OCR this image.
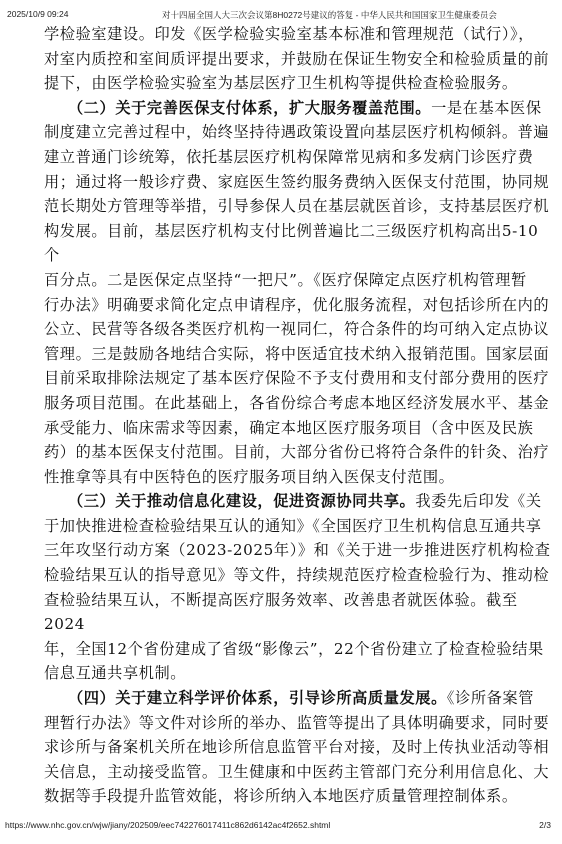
2025/10/9 09:24	对十四届全国人大三次会议第8H0272号建议的答复 - 中华人民共和国国家卫生健康委员会

学检验室建设。印发《医学检验实验室基本标准和管理规范（试行）》，
对室内质控和室间质评提出要求，并鼓励在保证生物安全和检验质量的前
提下，由医学检验实验室为基层医疗卫生机构等提供检查检验服务。

　　（二）关于完善医保支付体系，扩大服务覆盖范围。一是在基本医保
制度建立完善过程中，始终坚持待遇政策设置向基层医疗机构倾斜。普遍
建立普通门诊统筹，依托基层医疗机构保障常见病和多发病门诊医疗费
用；通过将一般诊疗费、家庭医生签约服务费纳入医保支付范围，协同规
范长期处方管理等举措，引导参保人员在基层就医首诊，支持基层医疗机
构发展。目前，基层医疗机构支付比例普遍比二三级医疗机构高出5-10个
百分点。二是医保定点坚持“一把尺”。《医疗保障定点医疗机构管理暂
行办法》明确要求简化定点申请程序，优化服务流程，对包括诊所在内的
公立、民营等各级各类医疗机构一视同仁，符合条件的均可纳入定点协议
管理。三是鼓励各地结合实际，将中医适宜技术纳入报销范围。国家层面
目前采取排除法规定了基本医疗保险不予支付费用和支付部分费用的医疗
服务项目范围。在此基础上，各省份综合考虑本地区经济发展水平、基金
承受能力、临床需求等因素，确定本地区医疗服务项目（含中医及民族
药）的基本医保支付范围。目前，大部分省份已将符合条件的针灸、治疗
性推拿等具有中医特色的医疗服务项目纳入医保支付范围。

　　（三）关于推动信息化建设，促进资源协同共享。我委先后印发《关
于加快推进检查检验结果互认的通知》《全国医疗卫生机构信息互通共享
三年攻坚行动方案（2023-2025年）》和《关于进一步推进医疗机构检查
检验结果互认的指导意见》等文件，持续规范医疗检查检验行为、推动检
查检验结果互认，不断提高医疗服务效率、改善患者就医体验。截至2024
年，全国12个省份建成了省级“影像云”，22个省份建立了检查检验结果
信息互通共享机制。

　　（四）关于建立科学评价体系，引导诊所高质量发展。《诊所备案管
理暂行办法》等文件对诊所的举办、监管等提出了具体明确要求，同时要
求诊所与备案机关所在地诊所信息监管平台对接，及时上传执业活动等相
关信息，主动接受监管。卫生健康和中医药主管部门充分利用信息化、大
数据等手段提升监管效能，将诊所纳入本地医疗质量管理控制体系。

https://www.nhc.gov.cn/wjw/jiany/202509/eec742276017411c862d6142ac4f2652.shtml	2/3
